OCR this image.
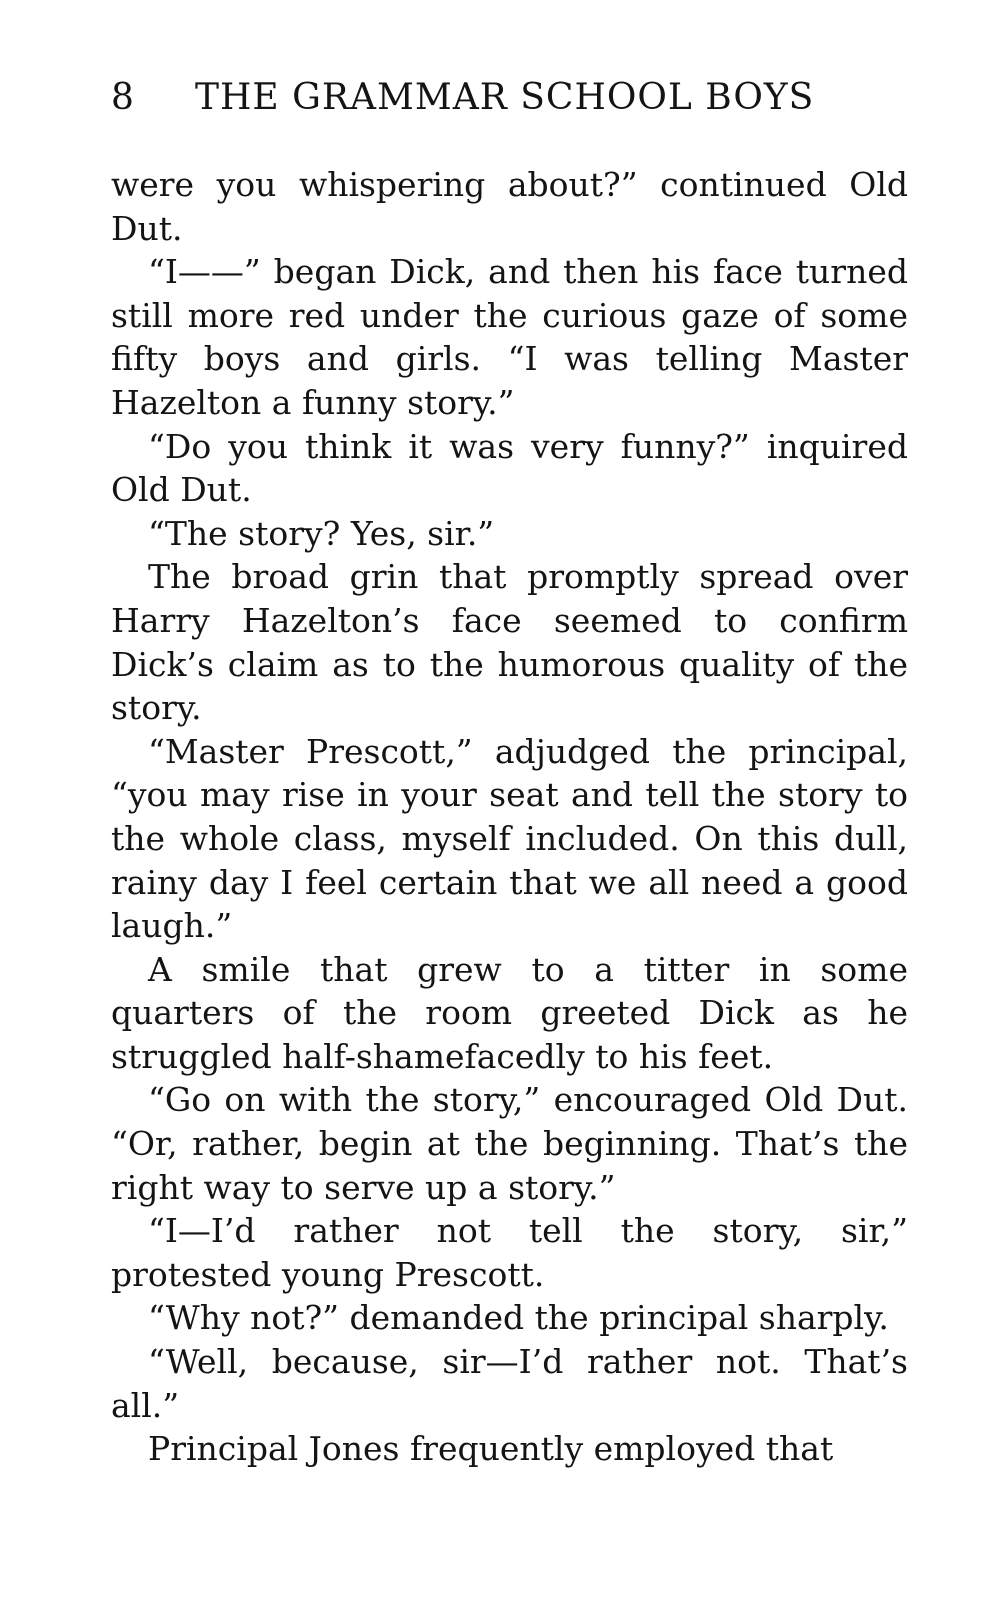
8 THE GRAMMAR SCHOOL BOYS

were you whispering about?” continued Old Dut.

“I——” began Dick, and then his face turned still more red under the curious gaze of some fifty boys and girls. “I was telling Master Hazelton a funny story.”

“Do you think it was very funny?” inquired Old Dut.

“The story? Yes, sir.”

The broad grin that promptly spread over Harry Hazelton’s face seemed to confirm Dick’s claim as to the humorous quality of the story.

“Master Prescott,” adjudged the principal, “you may rise in your seat and tell the story to the whole class, myself included. On this dull, rainy day I feel certain that we all need a good laugh.”

A smile that grew to a titter in some quarters of the room greeted Dick as he struggled half-shamefacedly to his feet.

“Go on with the story,” encouraged Old Dut. “Or, rather, begin at the beginning. That’s the right way to serve up a story.”

“I—I’d rather not tell the story, sir,” protested young Prescott.

“Why not?” demanded the principal sharply.

“Well, because, sir—I’d rather not. That’s all.”

Principal Jones frequently employed that
